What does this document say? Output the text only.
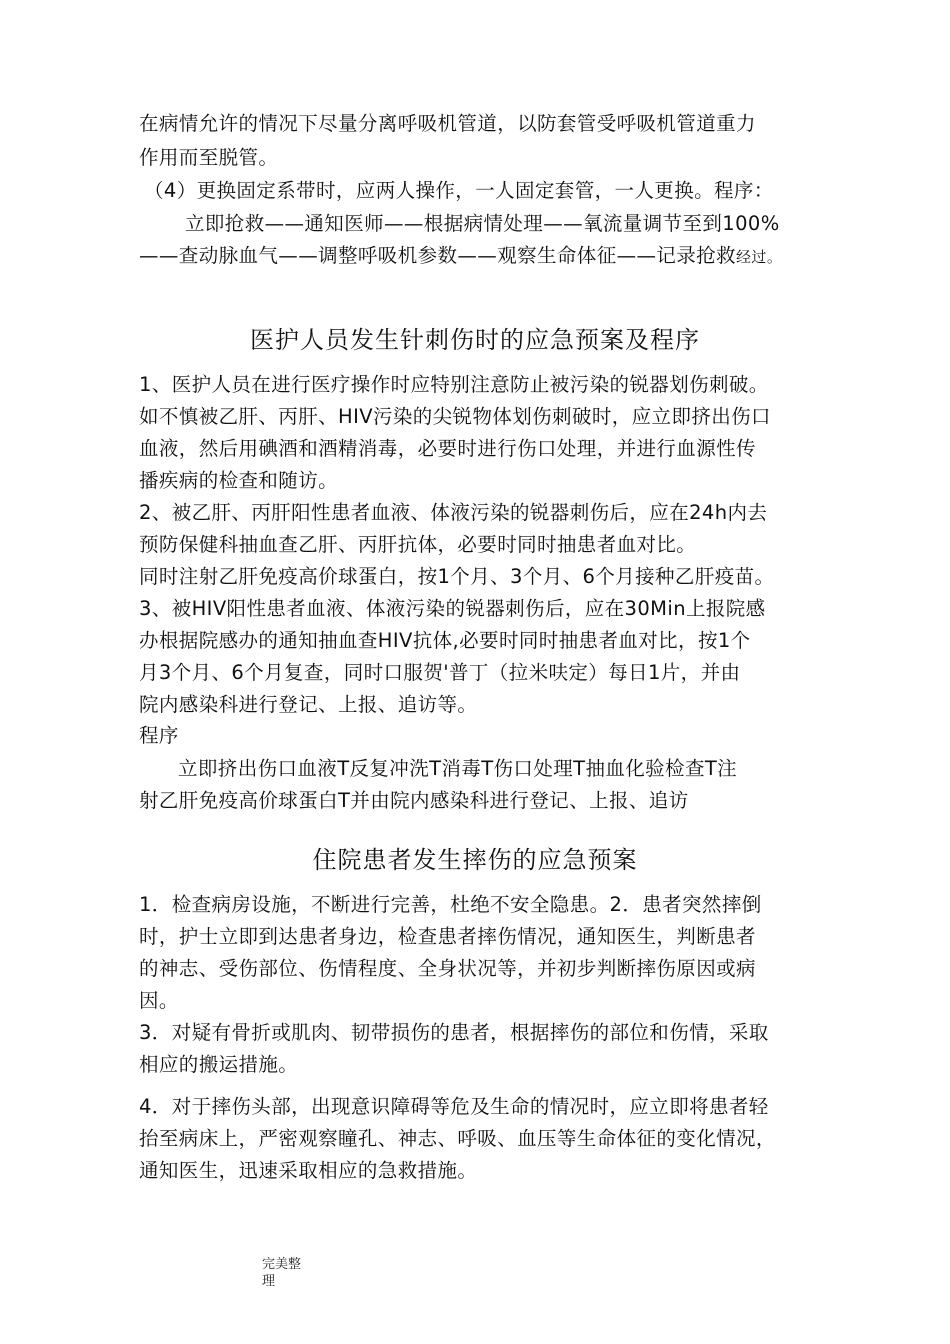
在病情允许的情况下尽量分离呼吸机管道，以防套管受呼吸机管道重力
作用而至脱管。
（4）更换固定系带时，应两人操作，一人固定套管，一人更换。程序：
立即抢救——通知医师——根据病情处理——氧流量调节至到100%
——查动脉血气——调整呼吸机参数——观察生命体征——记录抢救经过。
医护人员发生针刺伤时的应急预案及程序
1、医护人员在进行医疗操作时应特别注意防止被污染的锐器划伤刺破。
如不慎被乙肝、丙肝、HIV污染的尖锐物体划伤刺破时，应立即挤出伤口
血液，然后用碘酒和酒精消毒，必要时进行伤口处理，并进行血源性传
播疾病的检查和随访。
2、被乙肝、丙肝阳性患者血液、体液污染的锐器刺伤后，应在24h内去
预防保健科抽血查乙肝、丙肝抗体，必要时同时抽患者血对比。
同时注射乙肝免疫高价球蛋白，按1个月、3个月、6个月接种乙肝疫苗。
3、被HIV阳性患者血液、体液污染的锐器刺伤后，应在30Min上报院感
办根据院感办的通知抽血查HIV抗体,必要时同时抽患者血对比，按1个
月3个月、6个月复查，同时口服贺'普丁（拉米呋定）每日1片，并由
院内感染科进行登记、上报、追访等。
程序
立即挤出伤口血液T反复冲洗T消毒T伤口处理T抽血化验检查T注
射乙肝免疫高价球蛋白T并由院内感染科进行登记、上报、追访
住院患者发生摔伤的应急预案
1．检查病房设施，不断进行完善，杜绝不安全隐患。2．患者突然摔倒
时，护士立即到达患者身边，检查患者摔伤情况，通知医生，判断患者
的神志、受伤部位、伤情程度、全身状况等，并初步判断摔伤原因或病
因。
3．对疑有骨折或肌肉、韧带损伤的患者，根据摔伤的部位和伤情，采取
相应的搬运措施。
4．对于摔伤头部，出现意识障碍等危及生命的情况时，应立即将患者轻
抬至病床上，严密观察瞳孔、神志、呼吸、血压等生命体征的变化情况，
通知医生，迅速采取相应的急救措施。
完美整
理
